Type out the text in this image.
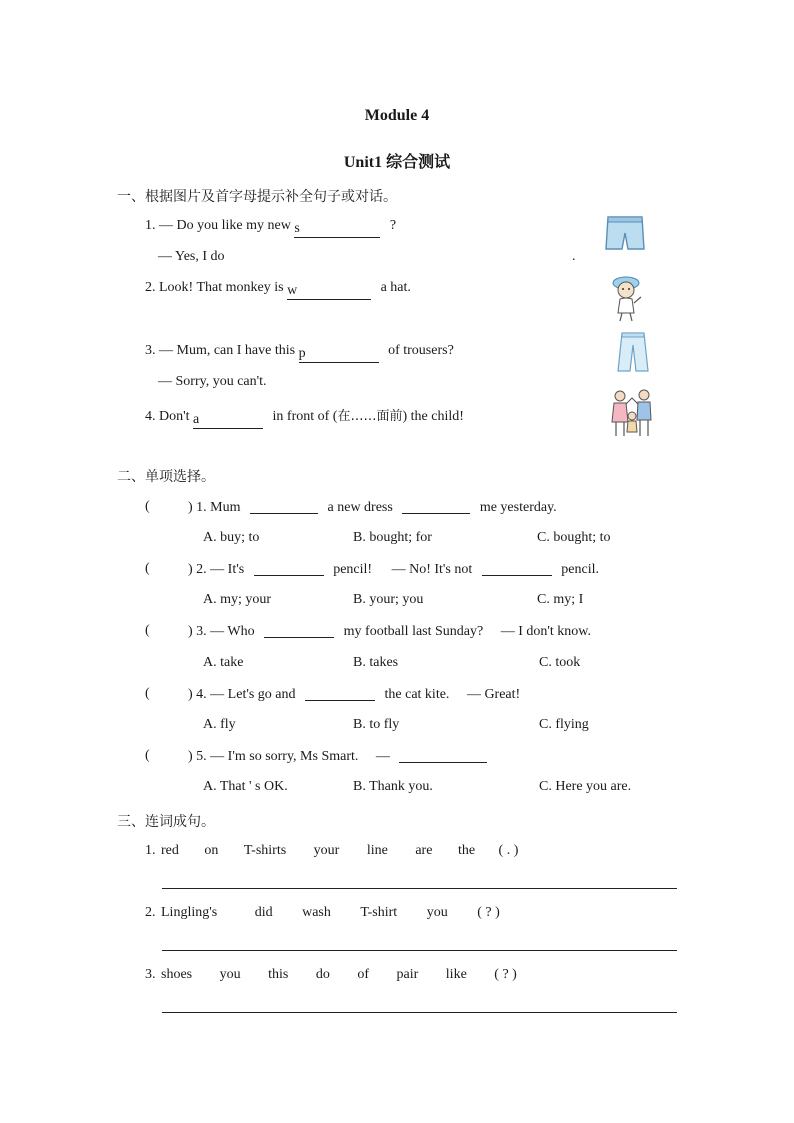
Module 4
Unit1 综合测试
一、根据图片及首字母提示补全句子或对话。
1. — Do you like my new s	?
— Yes, I do	.
2. Look! That monkey is w	a hat.
3. — Mum, can I have this p	of trousers?
— Sorry, you can't.
4. Don't a	in front of (在……面前) the child!
二、单项选择。
(	) 1. Mum	a new dress	me yesterday.
A. buy; to	B. bought; for	C. bought; to
(	) 2. — It's	pencil! — No! It's not	pencil.
A. my; your	B. your; you	C. my; I
(	) 3. — Who	my football last Sunday? — I don't know.
A. take	B. takes	C. took
(	) 4. — Let's go and	the cat kite. — Great!
A. fly	B. to fly	C. flying
(	) 5. — I'm so sorry, Ms Smart. —
A. That ' s OK.	B. Thank you.	C. Here you are.
三、连词成句。
1. red on T-shirts your line are the ( . )
2. Lingling's	did wash T-shirt you ( ? )
3. shoes you this do of pair like ( ? )
